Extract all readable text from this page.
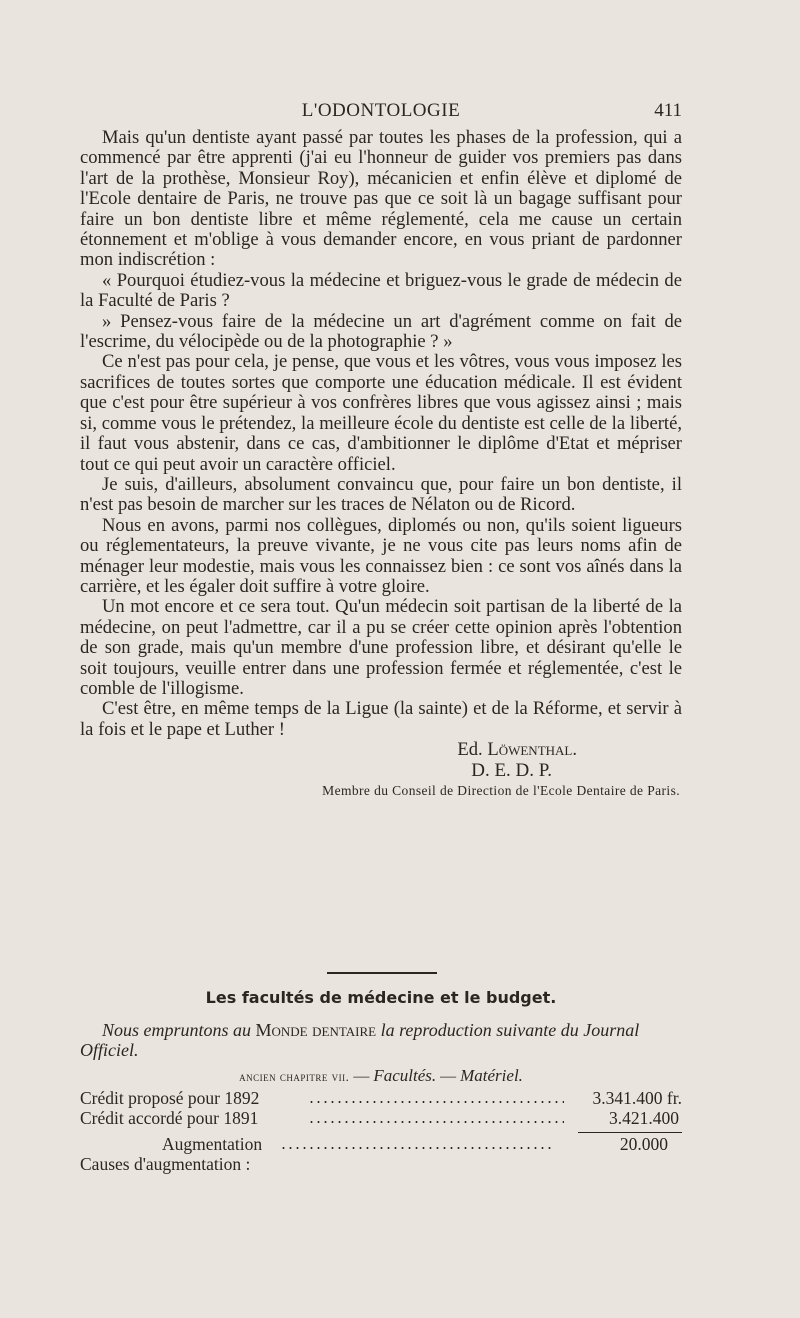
L'ODONTOLOGIE	411

Mais qu'un dentiste ayant passé par toutes les phases de la profession, qui a commencé par être apprenti (j'ai eu l'honneur de guider vos premiers pas dans l'art de la prothèse, Monsieur Roy), mécanicien et enfin élève et diplomé de l'Ecole dentaire de Paris, ne trouve pas que ce soit là un bagage suffisant pour faire un bon dentiste libre et même réglementé, cela me cause un certain étonnement et m'oblige à vous demander encore, en vous priant de pardonner mon indiscrétion :

« Pourquoi étudiez-vous la médecine et briguez-vous le grade de médecin de la Faculté de Paris ?

» Pensez-vous faire de la médecine un art d'agrément comme on fait de l'escrime, du vélocipède ou de la photographie ? »

Ce n'est pas pour cela, je pense, que vous et les vôtres, vous vous imposez les sacrifices de toutes sortes que comporte une éducation médicale. Il est évident que c'est pour être supérieur à vos confrères libres que vous agissez ainsi ; mais si, comme vous le prétendez, la meilleure école du dentiste est celle de la liberté, il faut vous abstenir, dans ce cas, d'ambitionner le diplôme d'Etat et mépriser tout ce qui peut avoir un caractère officiel.

Je suis, d'ailleurs, absolument convaincu que, pour faire un bon dentiste, il n'est pas besoin de marcher sur les traces de Nélaton ou de Ricord.

Nous en avons, parmi nos collègues, diplomés ou non, qu'ils soient ligueurs ou réglementateurs, la preuve vivante, je ne vous cite pas leurs noms afin de ménager leur modestie, mais vous les connaissez bien : ce sont vos aînés dans la carrière, et les égaler doit suffire à votre gloire.

Un mot encore et ce sera tout. Qu'un médecin soit partisan de la liberté de la médecine, on peut l'admettre, car il a pu se créer cette opinion après l'obtention de son grade, mais qu'un membre d'une profession libre, et désirant qu'elle le soit toujours, veuille entrer dans une profession fermée et réglementée, c'est le comble de l'illogisme.

C'est être, en même temps de la Ligue (la sainte) et de la Réforme, et servir à la fois et le pape et Luther !

Ed. Löwenthal.

D. E. D. P.

Membre du Conseil de Direction de l'Ecole Dentaire de Paris.

Les facultés de médecine et le budget.

Nous empruntons au Monde dentaire la reproduction suivante du Journal Officiel.

ancien chapitre vii. — Facultés. — Matériel.
Crédit proposé pour 1892	3.341.400 fr.
Crédit accordé pour 1891	3.421.400
Augmentation	20.000
Causes d'augmentation :
